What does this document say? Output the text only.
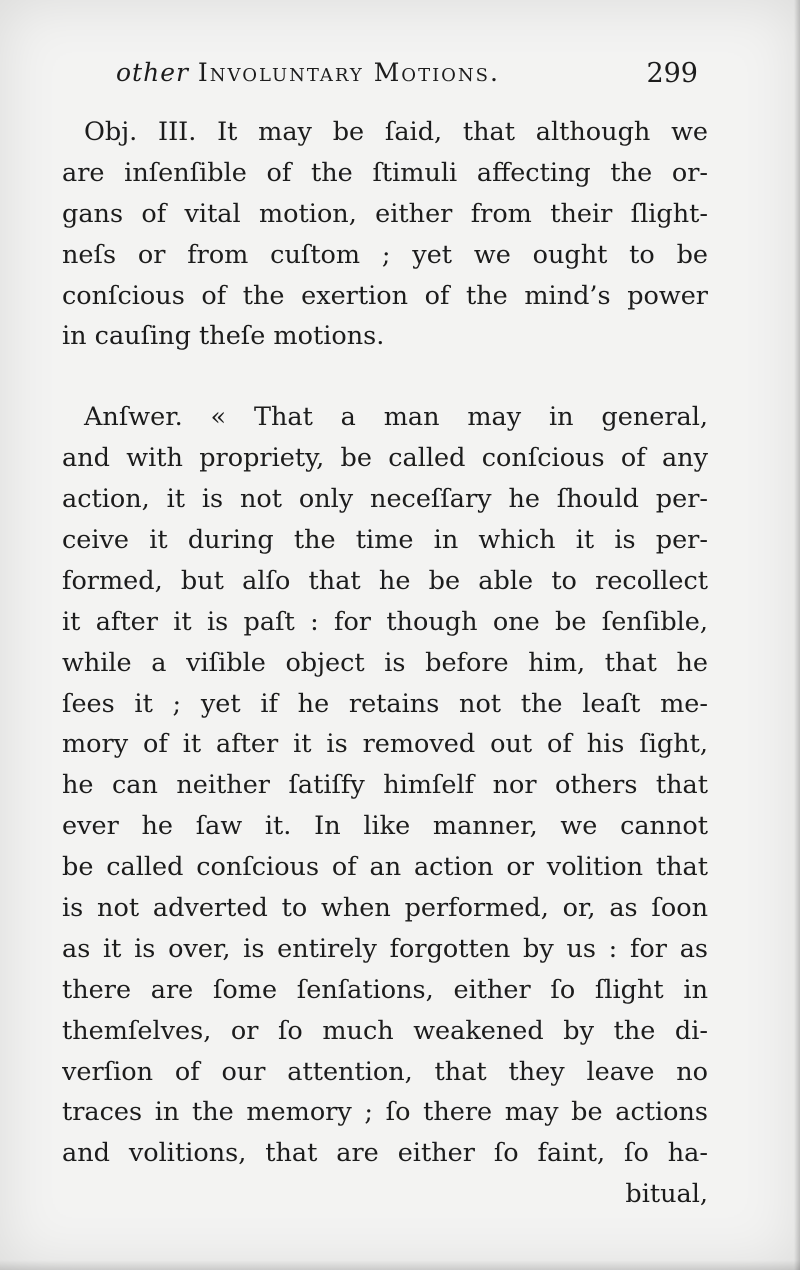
other Involuntary Motions.	299
Obj. III. It may be ſaid, that although we
are inſenſible of the ſtimuli affecting the or-
gans of vital motion, either from their ſlight-
neſs or from cuſtom ; yet we ought to be
conſcious of the exertion of the mind’s power
in cauſing theſe motions.
Anſwer. « That a man may in general,
and with propriety, be called conſcious of any
action, it is not only neceſſary he ſhould per-
ceive it during the time in which it is per-
formed, but alſo that he be able to recollect
it after it is paſt : for though one be ſenſible,
while a viſible object is before him, that he
ſees it ; yet if he retains not the leaſt me-
mory of it after it is removed out of his ſight,
he can neither ſatiſfy himſelf nor others that
ever he ſaw it. In like manner, we cannot
be called conſcious of an action or volition that
is not adverted to when performed, or, as ſoon
as it is over, is entirely forgotten by us : for as
there are ſome ſenſations, either ſo ſlight in
themſelves, or ſo much weakened by the di-
verſion of our attention, that they leave no
traces in the memory ; ſo there may be actions
and volitions, that are either ſo faint, ſo ha-
bitual,
